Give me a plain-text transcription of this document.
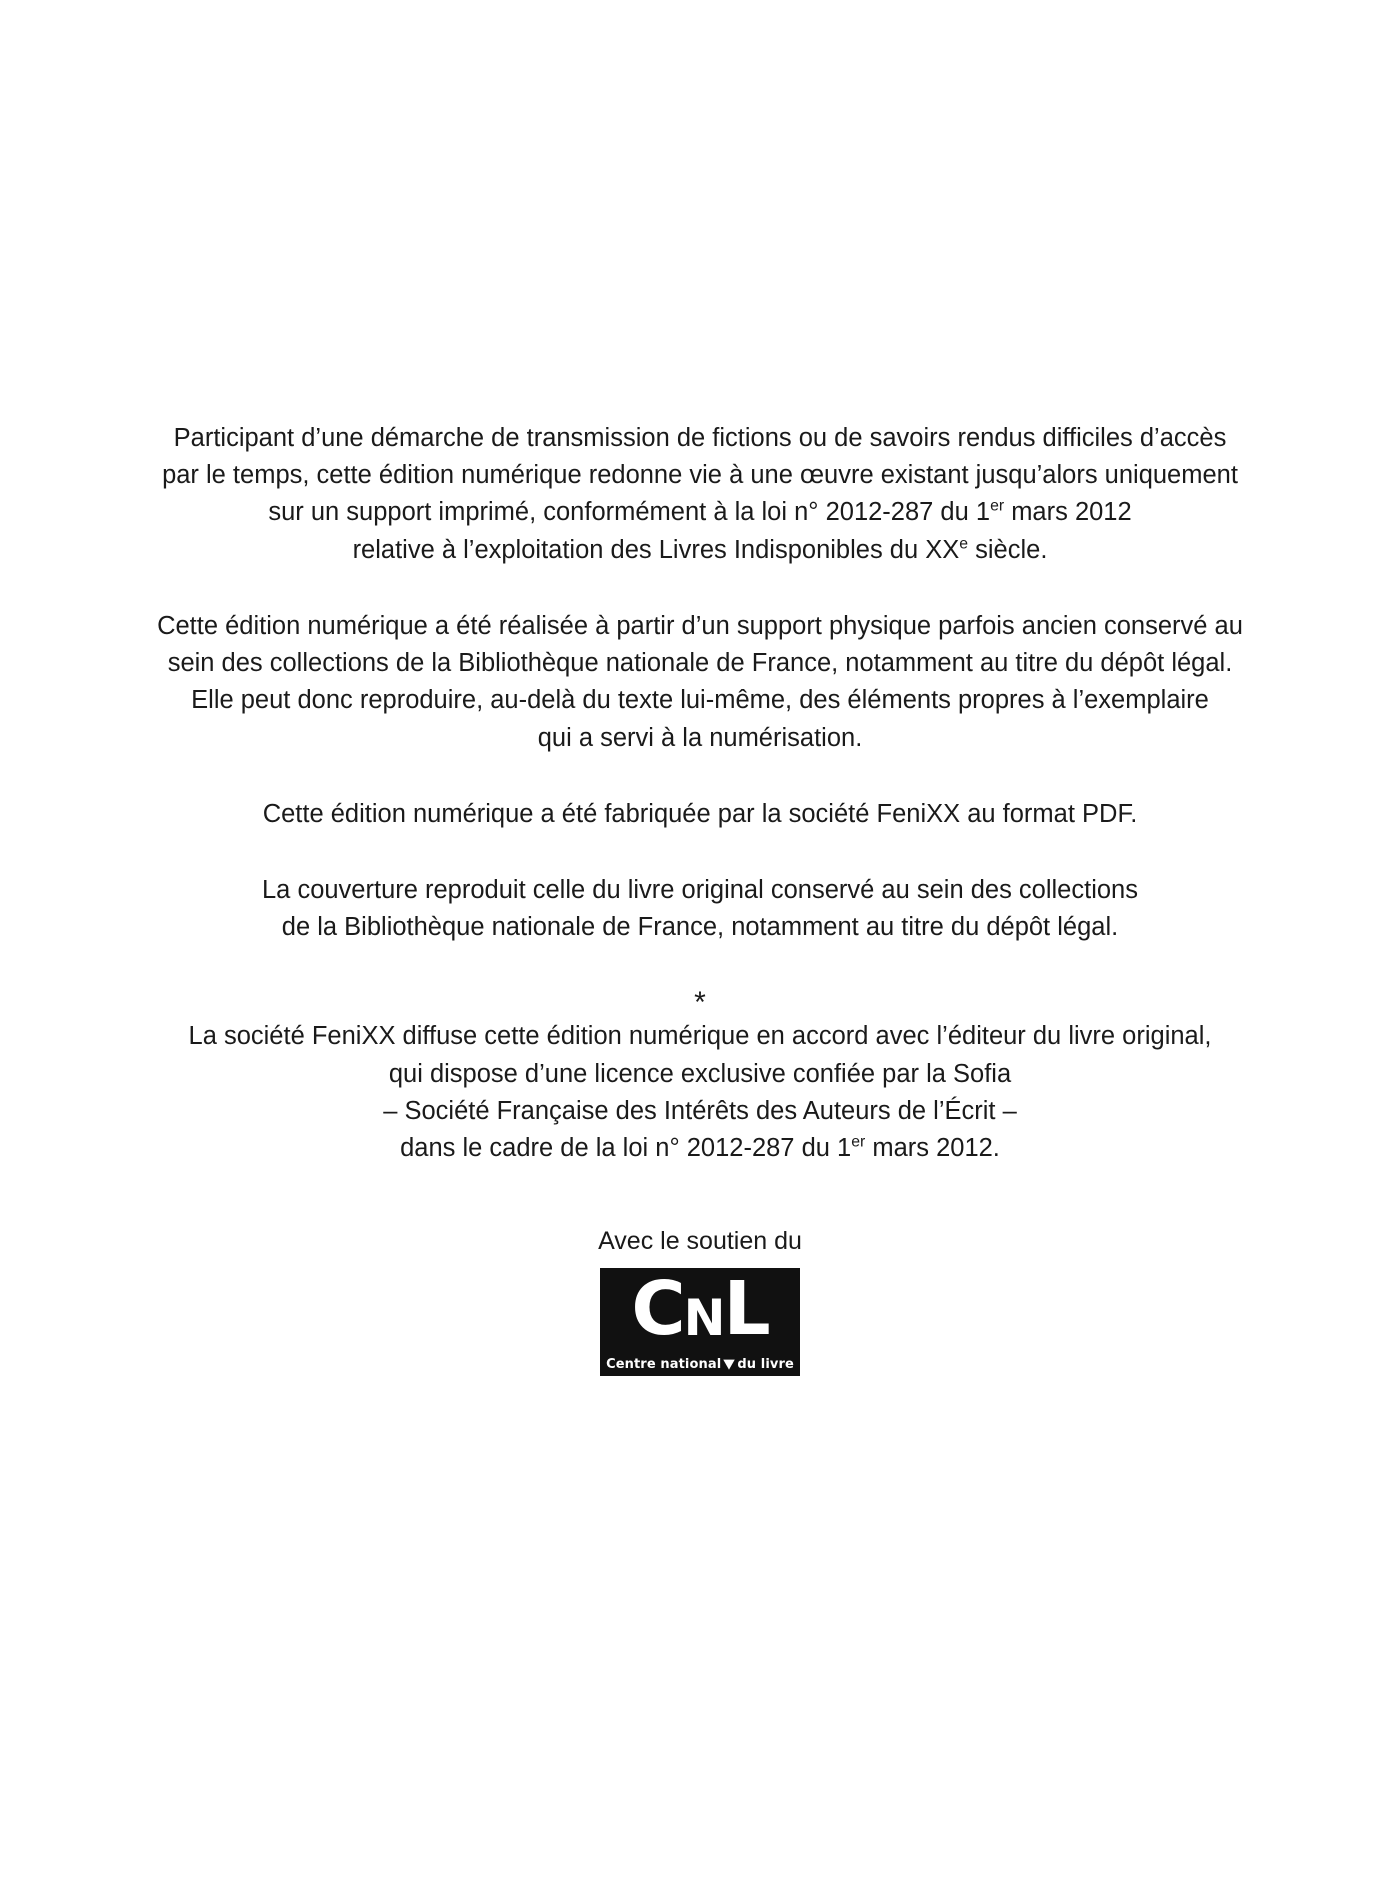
Participant d’une démarche de transmission de fictions ou de savoirs rendus difficiles d’accès
par le temps, cette édition numérique redonne vie à une œuvre existant jusqu’alors uniquement
sur un support imprimé, conformément à la loi n° 2012-287 du 1er mars 2012
relative à l’exploitation des Livres Indisponibles du XXe siècle.
Cette édition numérique a été réalisée à partir d’un support physique parfois ancien conservé au
sein des collections de la Bibliothèque nationale de France, notamment au titre du dépôt légal.
Elle peut donc reproduire, au-delà du texte lui-même, des éléments propres à l’exemplaire
qui a servi à la numérisation.
Cette édition numérique a été fabriquée par la société FeniXX au format PDF.
La couverture reproduit celle du livre original conservé au sein des collections
de la Bibliothèque nationale de France, notamment au titre du dépôt légal.
*
La société FeniXX diffuse cette édition numérique en accord avec l’éditeur du livre original,
qui dispose d’une licence exclusive confiée par la Sofia
– Société Française des Intérêts des Auteurs de l’Écrit –
dans le cadre de la loi n° 2012-287 du 1er mars 2012.
Avec le soutien du
C N L
Centre national ▼ du livre
